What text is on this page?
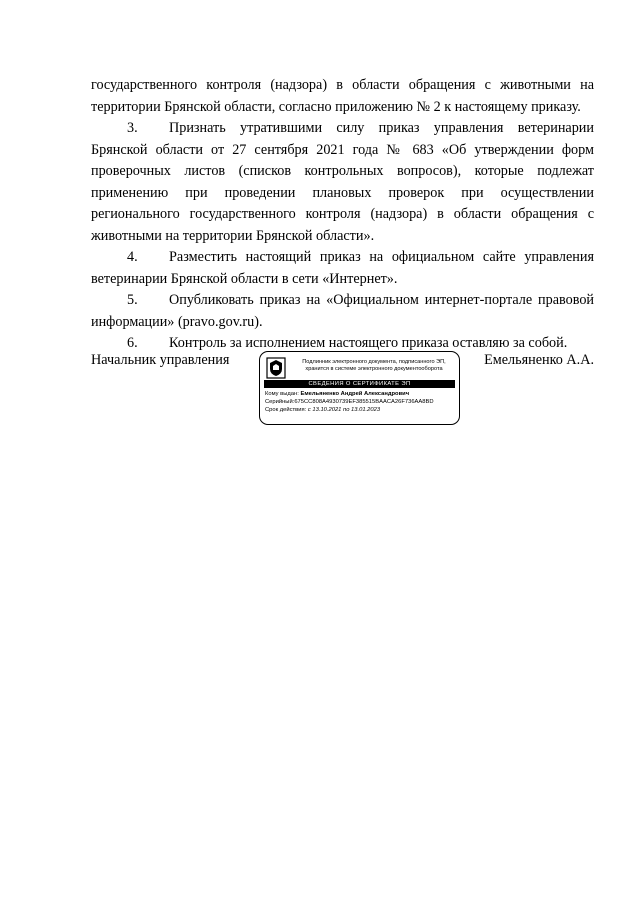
государственного контроля (надзора) в области обращения с животными на территории Брянской области, согласно приложению № 2 к настоящему приказу.

3. Признать утратившими силу приказ управления ветеринарии Брянской области от 27 сентября 2021 года № 683 «Об утверждении форм проверочных листов (списков контрольных вопросов), которые подлежат применению при проведении плановых проверок при осуществлении регионального государственного контроля (надзора) в области обращения с животными на территории Брянской области».

4. Разместить настоящий приказ на официальном сайте управления ветеринарии Брянской области в сети «Интернет».

5. Опубликовать приказ на «Официальном интернет-портале правовой информации» (pravo.gov.ru).

6. Контроль за исполнением настоящего приказа оставляю за собой.

Начальник управления	Подлинник электронного документа, подписанного ЭП,
хранится в системе электронного документооборота
СВЕДЕНИЯ О СЕРТИФИКАТЕ ЭП
Кому выдан: Емельяненко Андрей Александрович
Серийный:675CC808A4930739EF385515BAACA26F736AA8BD
Срок действия: с 13.10.2021 по 13.01.2023
Емельяненко А.А.
